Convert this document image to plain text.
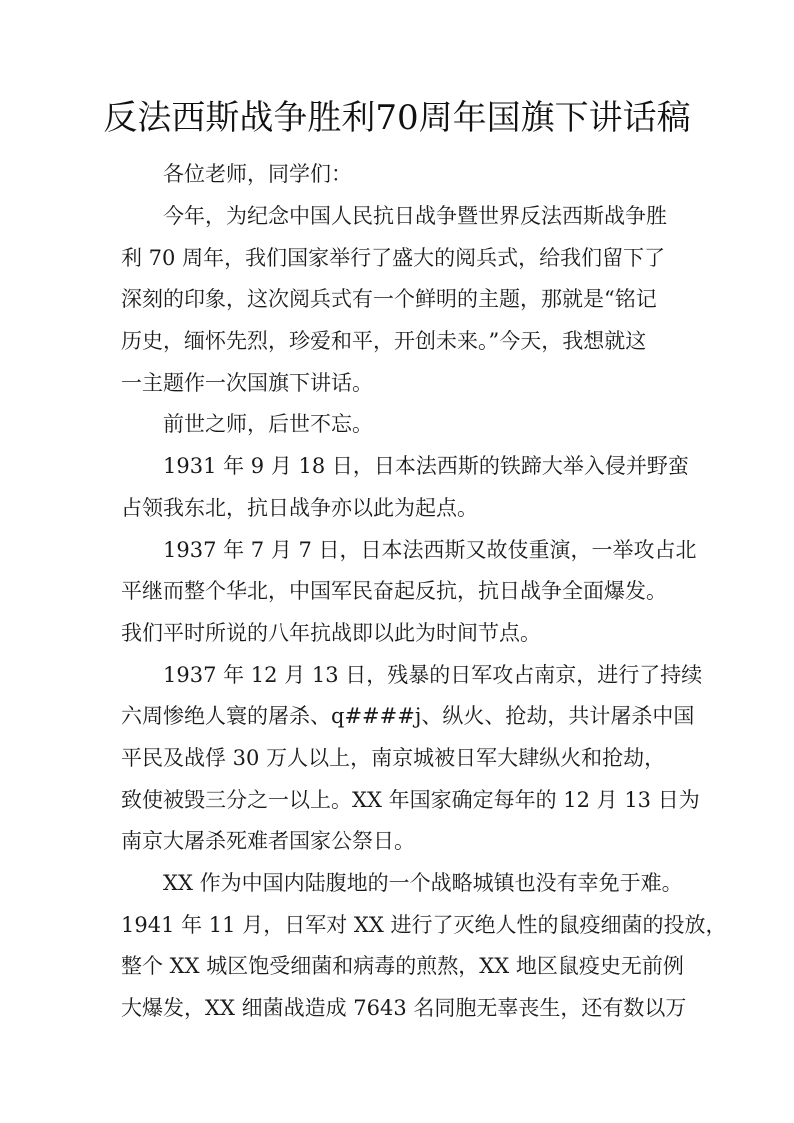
反法西斯战争胜利70周年国旗下讲话稿
各位老师，同学们：
今年，为纪念中国人民抗日战争暨世界反法西斯战争胜
利 70 周年，我们国家举行了盛大的阅兵式，给我们留下了
深刻的印象，这次阅兵式有一个鲜明的主题，那就是“铭记
历史，缅怀先烈，珍爱和平，开创未来。”今天，我想就这
一主题作一次国旗下讲话。
前世之师，后世不忘。
1931 年 9 月 18 日，日本法西斯的铁蹄大举入侵并野蛮
占领我东北，抗日战争亦以此为起点。
1937 年 7 月 7 日，日本法西斯又故伎重演，一举攻占北
平继而整个华北，中国军民奋起反抗，抗日战争全面爆发。
我们平时所说的八年抗战即以此为时间节点。
1937 年 12 月 13 日，残暴的日军攻占南京，进行了持续
六周惨绝人寰的屠杀、q####j、纵火、抢劫，共计屠杀中国
平民及战俘 30 万人以上，南京城被日军大肆纵火和抢劫，
致使被毁三分之一以上。XX 年国家确定每年的 12 月 13 日为
南京大屠杀死难者国家公祭日。
XX 作为中国内陆腹地的一个战略城镇也没有幸免于难。
1941 年 11 月，日军对 XX 进行了灭绝人性的鼠疫细菌的投放，
整个 XX 城区饱受细菌和病毒的煎熬，XX 地区鼠疫史无前例
大爆发，XX 细菌战造成 7643 名同胞无辜丧生，还有数以万
